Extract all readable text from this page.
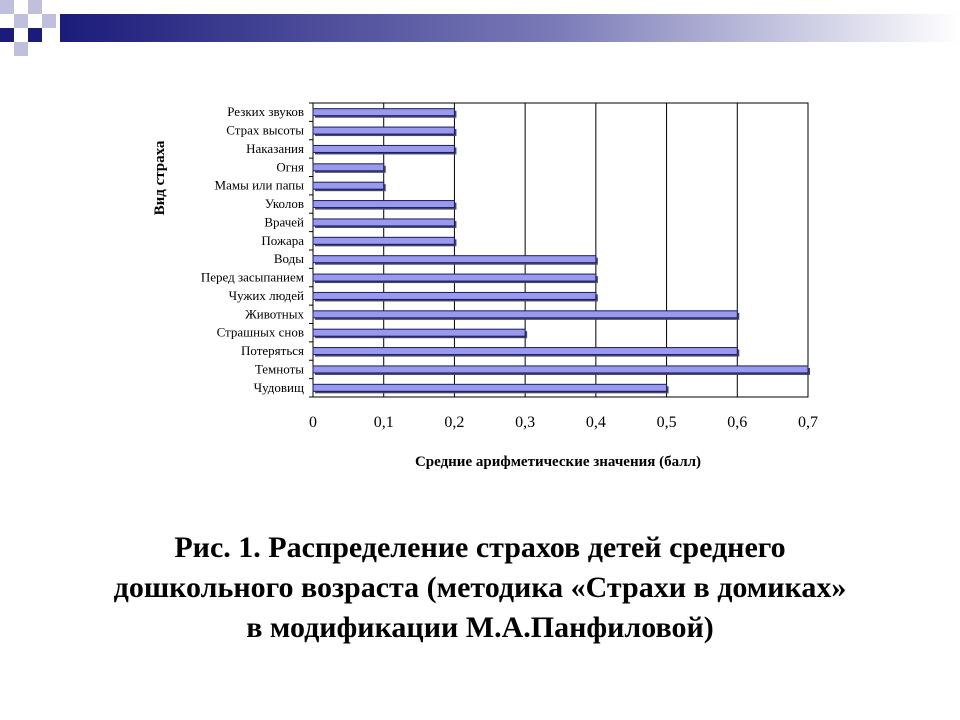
Резких звуков
Страх высоты
Наказания
Огня
Мамы или папы
Уколов
Врачей
Пожара
Воды
Перед засыпанием
Чужих людей
Животных
Страшных снов
Потеряться
Темноты
Чудовищ
0	0,1	0,2	0,3	0,4	0,5	0,6	0,7
Средние арифметические значения (балл)
Вид страха
Рис. 1. Распределение страхов детей среднего
дошкольного возраста (методика «Страхи в домиках»
в модификации М.А.Панфиловой)
